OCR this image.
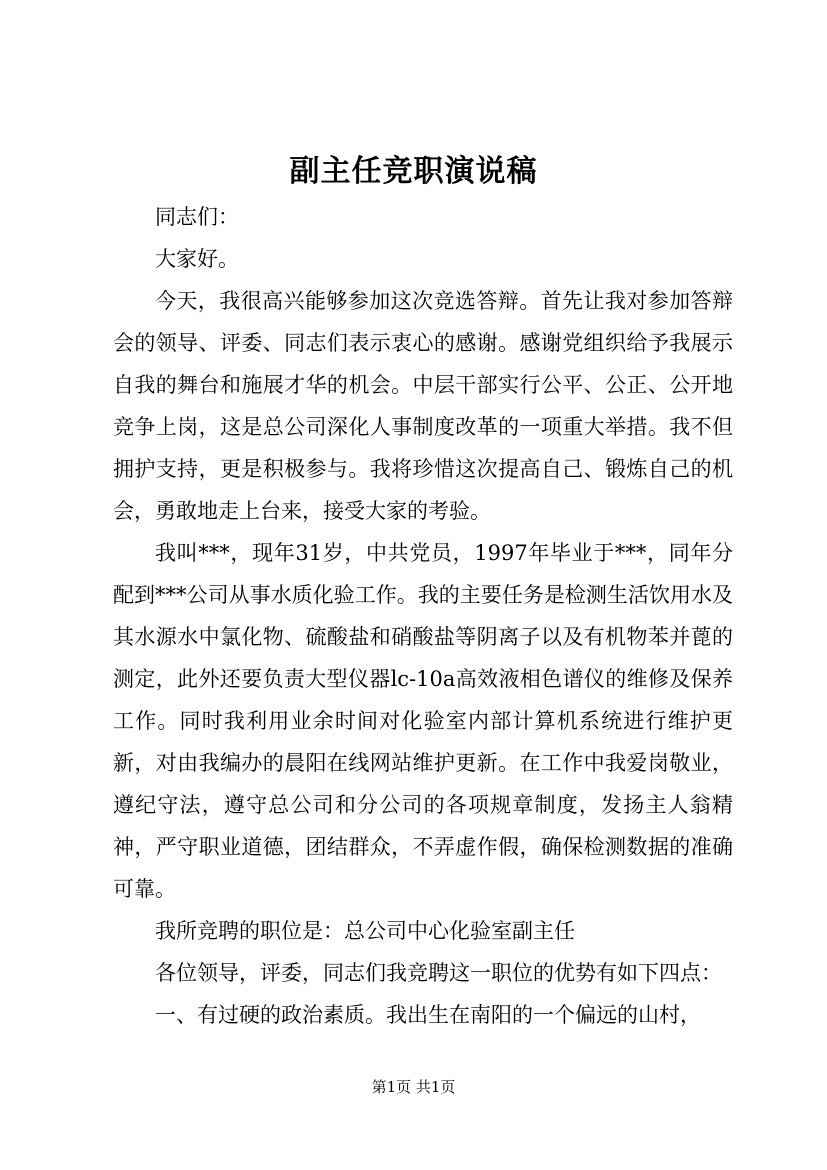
副主任竞职演说稿

同志们：

大家好。

今天，我很高兴能够参加这次竞选答辩。首先让我对参加答辩会的领导、评委、同志们表示衷心的感谢。感谢党组织给予我展示自我的舞台和施展才华的机会。中层干部实行公平、公正、公开地竞争上岗，这是总公司深化人事制度改革的一项重大举措。我不但拥护支持，更是积极参与。我将珍惜这次提高自己、锻炼自己的机会，勇敢地走上台来，接受大家的考验。

我叫***，现年31岁，中共党员，1997年毕业于***，同年分配到***公司从事水质化验工作。我的主要任务是检测生活饮用水及其水源水中氯化物、硫酸盐和硝酸盐等阴离子以及有机物苯并蓖的测定，此外还要负责大型仪器lc-10a高效液相色谱仪的维修及保养工作。同时我利用业余时间对化验室内部计算机系统进行维护更新，对由我编办的晨阳在线网站维护更新。在工作中我爱岗敬业，遵纪守法，遵守总公司和分公司的各项规章制度，发扬主人翁精神，严守职业道德，团结群众，不弄虚作假，确保检测数据的准确可靠。

我所竞聘的职位是：总公司中心化验室副主任

各位领导，评委，同志们我竞聘这一职位的优势有如下四点：

一、有过硬的政治素质。我出生在南阳的一个偏远的山村，

第1页 共1页
